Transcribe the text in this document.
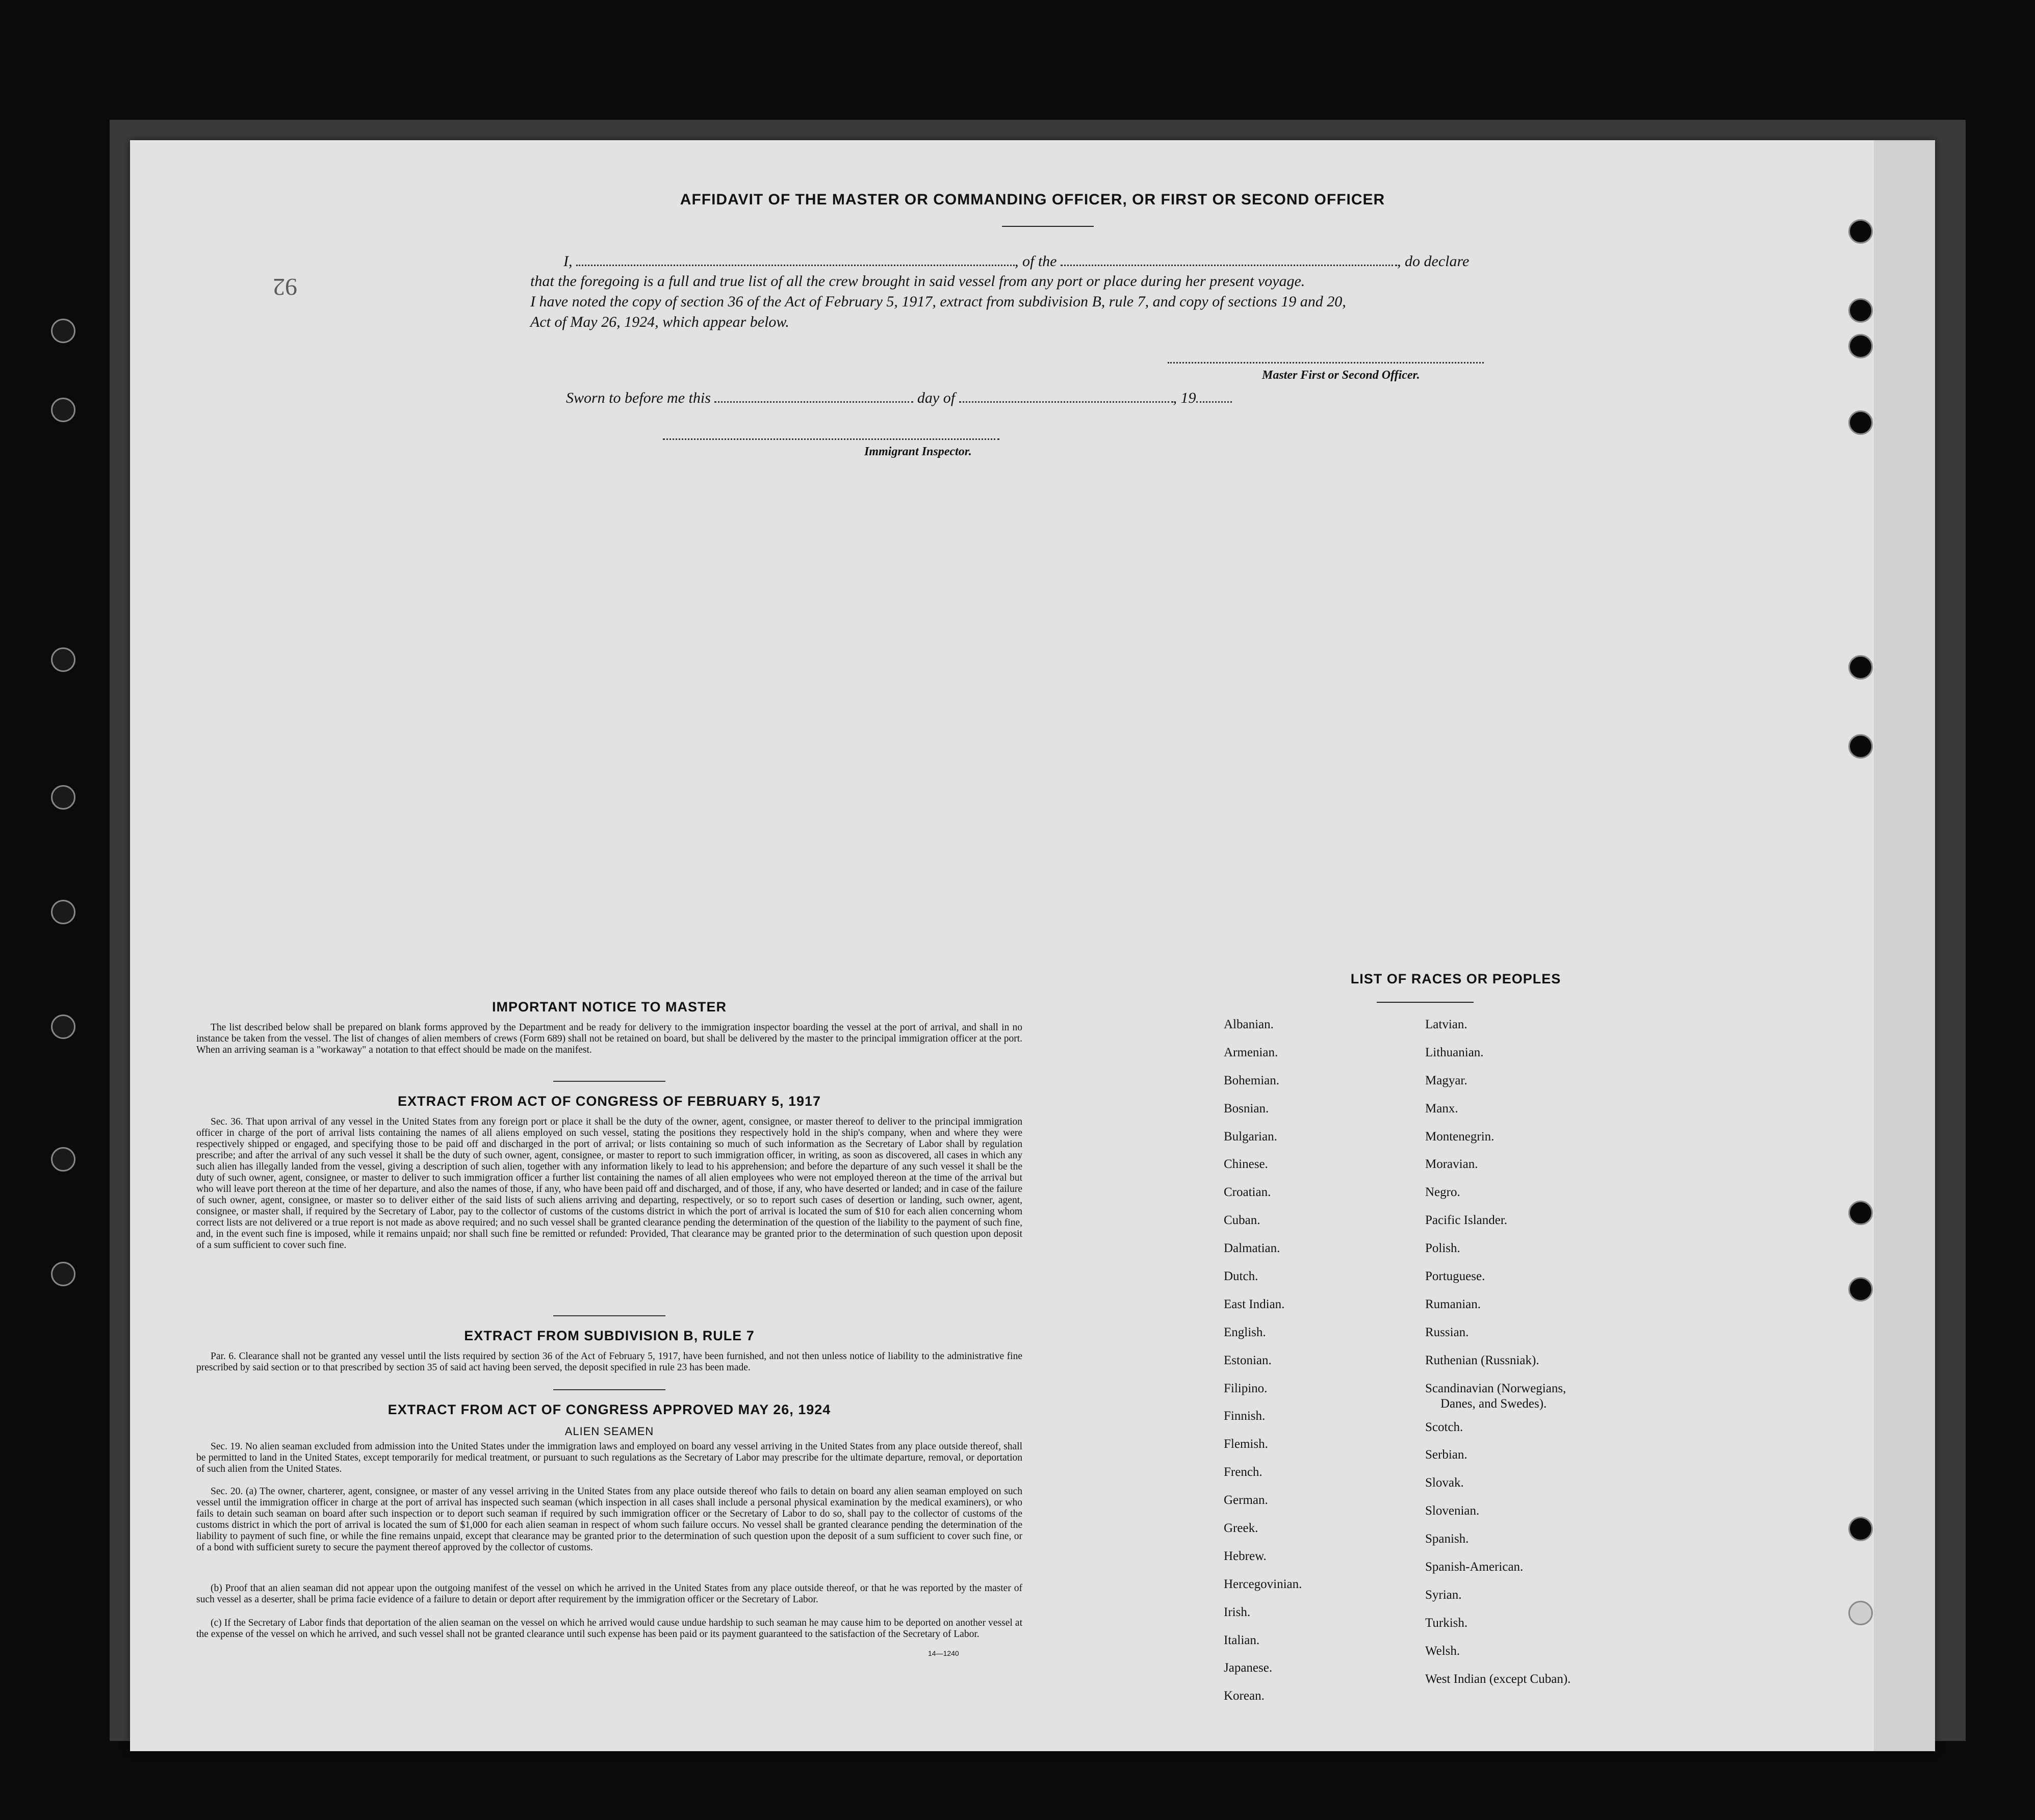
92
AFFIDAVIT OF THE MASTER OR COMMANDING OFFICER, OR FIRST OR SECOND OFFICER
I,	, of the	, do declare
that the foregoing is a full and true list of all the crew brought in said vessel from any port or place during her present voyage.
I have noted the copy of section 36 of the Act of February 5, 1917, extract from subdivision B, rule 7, and copy of sections 19 and 20,
Act of May 26, 1924, which appear below.
Master First or Second Officer.
Sworn to before me this	day of	, 19
Immigrant Inspector.
IMPORTANT NOTICE TO MASTER
The list described below shall be prepared on blank forms approved by the Department and be ready for delivery to the immigration inspector boarding the vessel at the port of arrival, and shall in no instance be taken from the vessel. The list of changes of alien members of crews (Form 689) shall not be retained on board, but shall be delivered by the master to the principal immigration officer at the port. When an arriving seaman is a "workaway" a notation to that effect should be made on the manifest.
EXTRACT FROM ACT OF CONGRESS OF FEBRUARY 5, 1917
Sec. 36. That upon arrival of any vessel in the United States from any foreign port or place it shall be the duty of the owner, agent, consignee, or master thereof to deliver to the principal immigration officer in charge of the port of arrival lists containing the names of all aliens employed on such vessel, stating the positions they respectively hold in the ship's company, when and where they were respectively shipped or engaged, and specifying those to be paid off and discharged in the port of arrival; or lists containing so much of such information as the Secretary of Labor shall by regulation prescribe; and after the arrival of any such vessel it shall be the duty of such owner, agent, consignee, or master to report to such immigration officer, in writing, as soon as discovered, all cases in which any such alien has illegally landed from the vessel, giving a description of such alien, together with any information likely to lead to his apprehension; and before the departure of any such vessel it shall be the duty of such owner, agent, consignee, or master to deliver to such immigration officer a further list containing the names of all alien employees who were not employed thereon at the time of the arrival but who will leave port thereon at the time of her departure, and also the names of those, if any, who have been paid off and discharged, and of those, if any, who have deserted or landed; and in case of the failure of such owner, agent, consignee, or master so to deliver either of the said lists of such aliens arriving and departing, respectively, or so to report such cases of desertion or landing, such owner, agent, consignee, or master shall, if required by the Secretary of Labor, pay to the collector of customs of the customs district in which the port of arrival is located the sum of $10 for each alien concerning whom correct lists are not delivered or a true report is not made as above required; and no such vessel shall be granted clearance pending the determination of the question of the liability to the payment of such fine, and, in the event such fine is imposed, while it remains unpaid; nor shall such fine be remitted or refunded: Provided, That clearance may be granted prior to the determination of such question upon deposit of a sum sufficient to cover such fine.
EXTRACT FROM SUBDIVISION B, RULE 7
Par. 6. Clearance shall not be granted any vessel until the lists required by section 36 of the Act of February 5, 1917, have been furnished, and not then unless notice of liability to the administrative fine prescribed by said section or to that prescribed by section 35 of said act having been served, the deposit specified in rule 23 has been made.
EXTRACT FROM ACT OF CONGRESS APPROVED MAY 26, 1924
ALIEN SEAMEN
Sec. 19. No alien seaman excluded from admission into the United States under the immigration laws and employed on board any vessel arriving in the United States from any place outside thereof, shall be permitted to land in the United States, except temporarily for medical treatment, or pursuant to such regulations as the Secretary of Labor may prescribe for the ultimate departure, removal, or deportation of such alien from the United States.
Sec. 20. (a) The owner, charterer, agent, consignee, or master of any vessel arriving in the United States from any place outside thereof who fails to detain on board any alien seaman employed on such vessel until the immigration officer in charge at the port of arrival has inspected such seaman (which inspection in all cases shall include a personal physical examination by the medical examiners), or who fails to detain such seaman on board after such inspection or to deport such seaman if required by such immigration officer or the Secretary of Labor to do so, shall pay to the collector of customs of the customs district in which the port of arrival is located the sum of $1,000 for each alien seaman in respect of whom such failure occurs. No vessel shall be granted clearance pending the determination of the liability to payment of such fine, or while the fine remains unpaid, except that clearance may be granted prior to the determination of such question upon the deposit of a sum sufficient to cover such fine, or of a bond with sufficient surety to secure the payment thereof approved by the collector of customs.
(b) Proof that an alien seaman did not appear upon the outgoing manifest of the vessel on which he arrived in the United States from any place outside thereof, or that he was reported by the master of such vessel as a deserter, shall be prima facie evidence of a failure to detain or deport after requirement by the immigration officer or the Secretary of Labor.
(c) If the Secretary of Labor finds that deportation of the alien seaman on the vessel on which he arrived would cause undue hardship to such seaman he may cause him to be deported on another vessel at the expense of the vessel on which he arrived, and such vessel shall not be granted clearance until such expense has been paid or its payment guaranteed to the satisfaction of the Secretary of Labor.
14—1240
LIST OF RACES OR PEOPLES
Albanian.
Armenian.
Bohemian.
Bosnian.
Bulgarian.
Chinese.
Croatian.
Cuban.
Dalmatian.
Dutch.
East Indian.
English.
Estonian.
Filipino.
Finnish.
Flemish.
French.
German.
Greek.
Hebrew.
Hercegovinian.
Irish.
Italian.
Japanese.
Korean.
Latvian.
Lithuanian.
Magyar.
Manx.
Montenegrin.
Moravian.
Negro.
Pacific Islander.
Polish.
Portuguese.
Rumanian.
Russian.
Ruthenian (Russniak).
Scandinavian (Norwegians,
Danes, and Swedes).
Scotch.
Serbian.
Slovak.
Slovenian.
Spanish.
Spanish-American.
Syrian.
Turkish.
Welsh.
West Indian (except Cuban).
